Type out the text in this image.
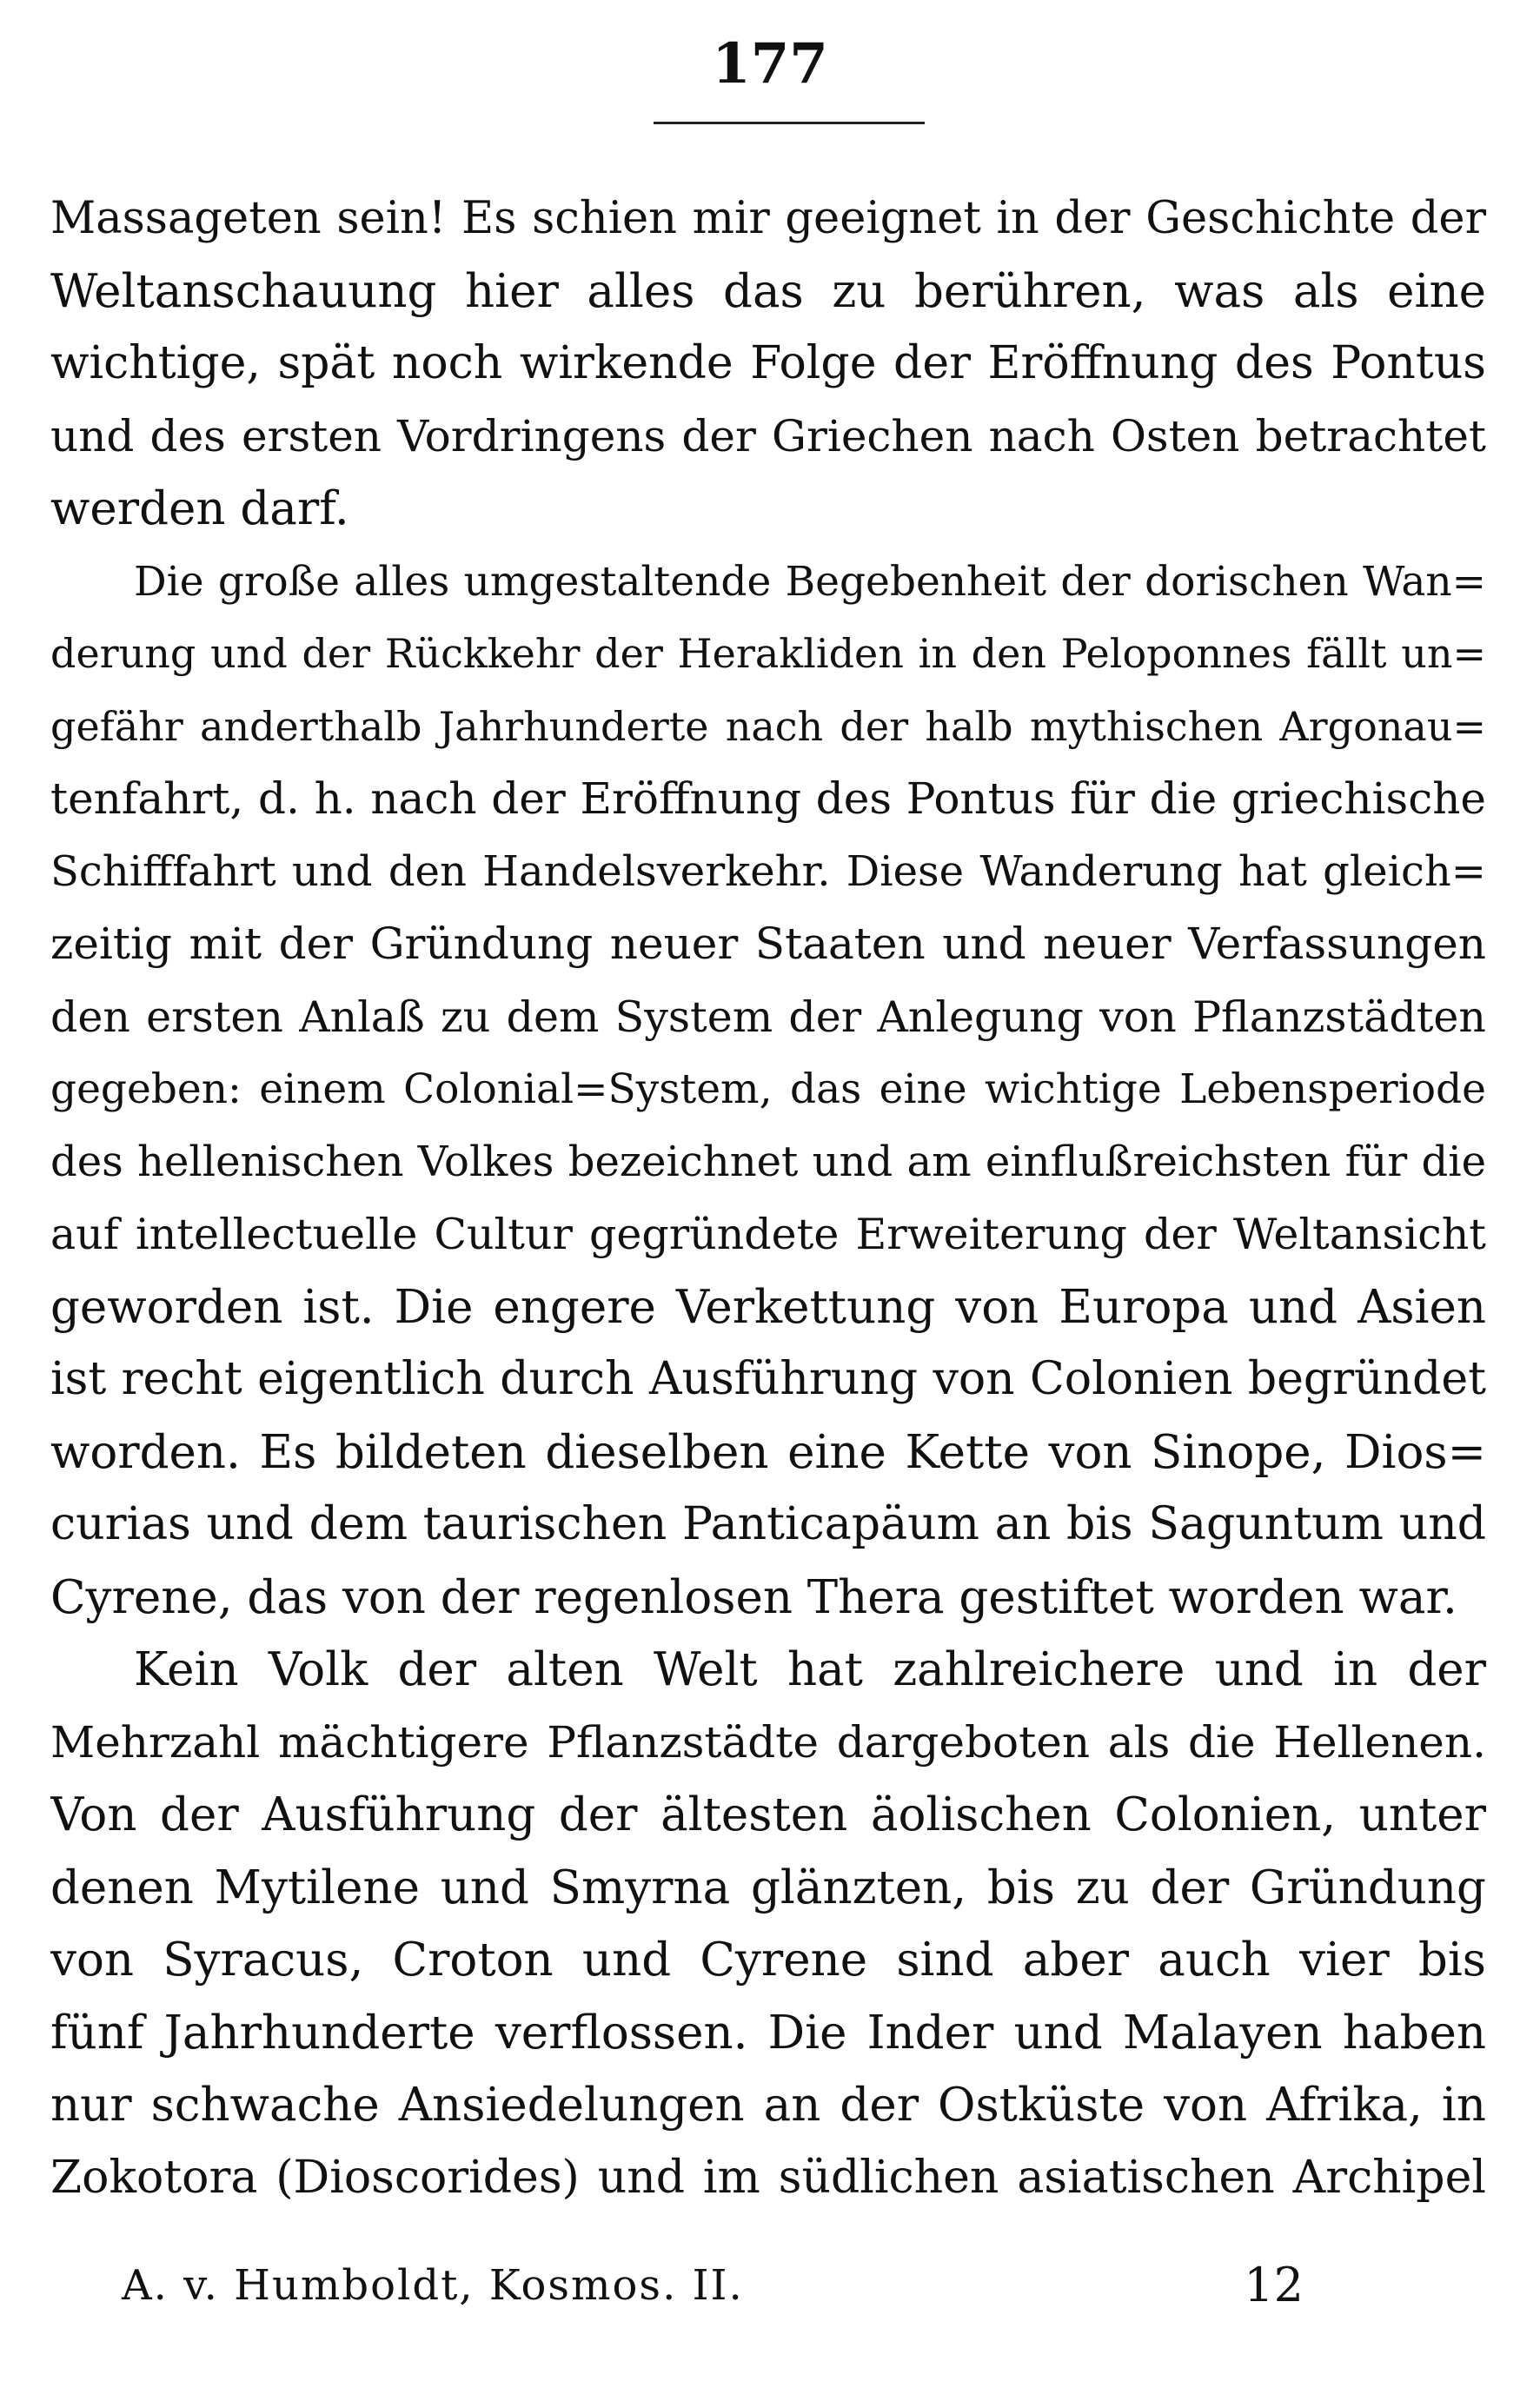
177
Massageten sein! Es schien mir geeignet in der Geschichte der
Weltanschauung hier alles das zu berühren, was als eine
wichtige, spät noch wirkende Folge der Eröffnung des Pontus
und des ersten Vordringens der Griechen nach Osten betrachtet
werden darf.
Die große alles umgestaltende Begebenheit der dorischen Wan=
derung und der Rückkehr der Herakliden in den Peloponnes fällt un=
gefähr anderthalb Jahrhunderte nach der halb mythischen Argonau=
tenfahrt, d. h. nach der Eröffnung des Pontus für die griechische
Schifffahrt und den Handelsverkehr. Diese Wanderung hat gleich=
zeitig mit der Gründung neuer Staaten und neuer Verfassungen
den ersten Anlaß zu dem System der Anlegung von Pflanzstädten
gegeben: einem Colonial=System, das eine wichtige Lebensperiode
des hellenischen Volkes bezeichnet und am einflußreichsten für die
auf intellectuelle Cultur gegründete Erweiterung der Weltansicht
geworden ist. Die engere Verkettung von Europa und Asien
ist recht eigentlich durch Ausführung von Colonien begründet
worden. Es bildeten dieselben eine Kette von Sinope, Dios=
curias und dem taurischen Panticapäum an bis Saguntum und
Cyrene, das von der regenlosen Thera gestiftet worden war.
Kein Volk der alten Welt hat zahlreichere und in der
Mehrzahl mächtigere Pflanzstädte dargeboten als die Hellenen.
Von der Ausführung der ältesten äolischen Colonien, unter
denen Mytilene und Smyrna glänzten, bis zu der Gründung
von Syracus, Croton und Cyrene sind aber auch vier bis
fünf Jahrhunderte verflossen. Die Inder und Malayen haben
nur schwache Ansiedelungen an der Ostküste von Afrika, in
Zokotora (Dioscorides) und im südlichen asiatischen Archipel
A. v. Humboldt, Kosmos. II.	12
